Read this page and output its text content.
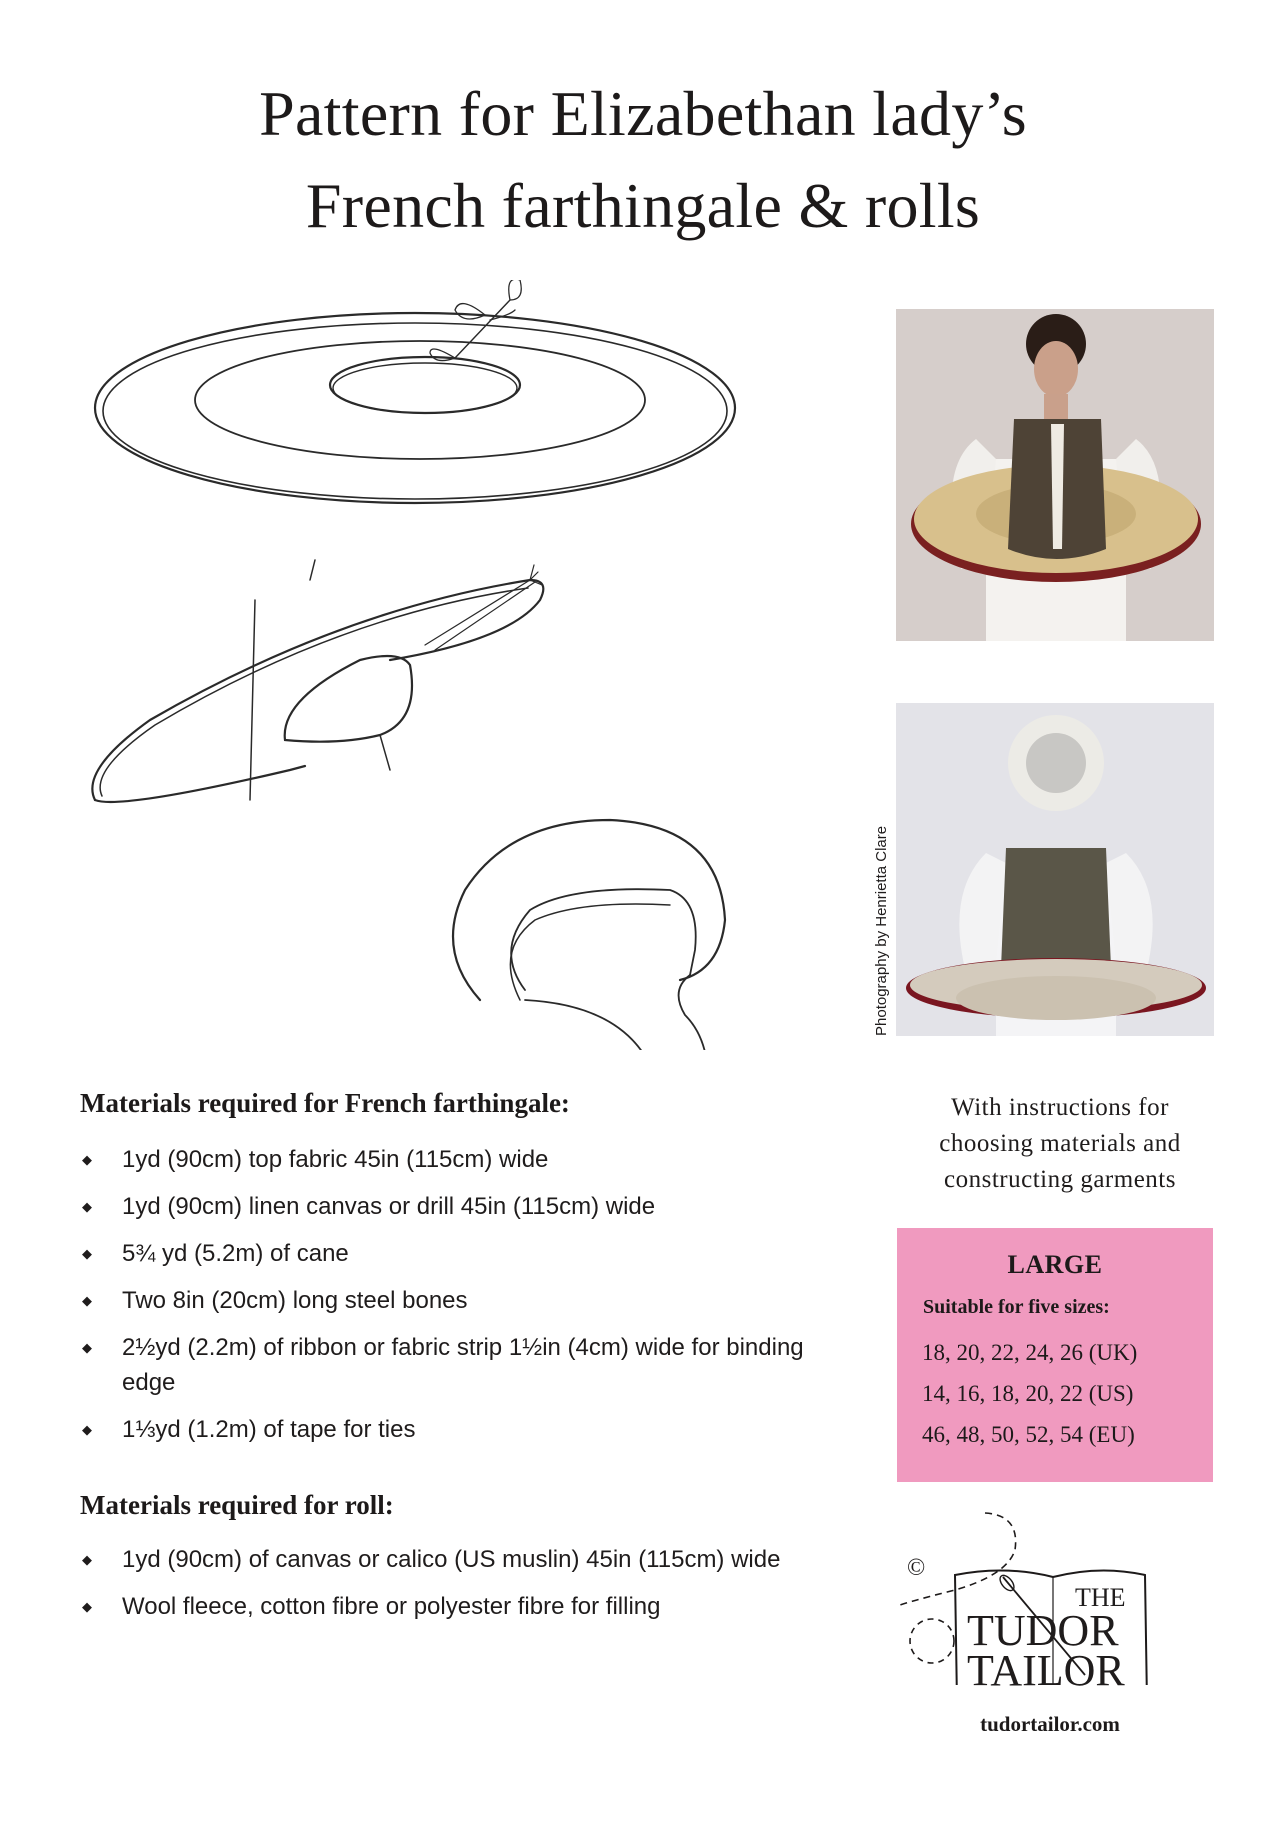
Pattern for Elizabethan lady’s
French farthingale & rolls
Photography by Henrietta Clare
Materials required for French farthingale:
◆ 1yd (90cm) top fabric 45in (115cm) wide
◆ 1yd (90cm) linen canvas or drill 45in (115cm) wide
◆ 5¾ yd (5.2m) of cane
◆ Two 8in (20cm) long steel bones
◆ 2½yd (2.2m) of ribbon or fabric strip 1½in (4cm) wide for binding edge
◆ 1⅓yd (1.2m) of tape for ties
Materials required for roll:
◆ 1yd (90cm) of canvas or calico (US muslin) 45in (115cm) wide
◆ Wool fleece, cotton fibre or polyester fibre for filling
With instructions for
choosing materials and
constructing garments
LARGE
Suitable for five sizes:
18, 20, 22, 24, 26 (UK)
14, 16, 18, 20, 22 (US)
46, 48, 50, 52, 54 (EU)
©
THE
TUDOR
TAILOR
tudortailor.com
